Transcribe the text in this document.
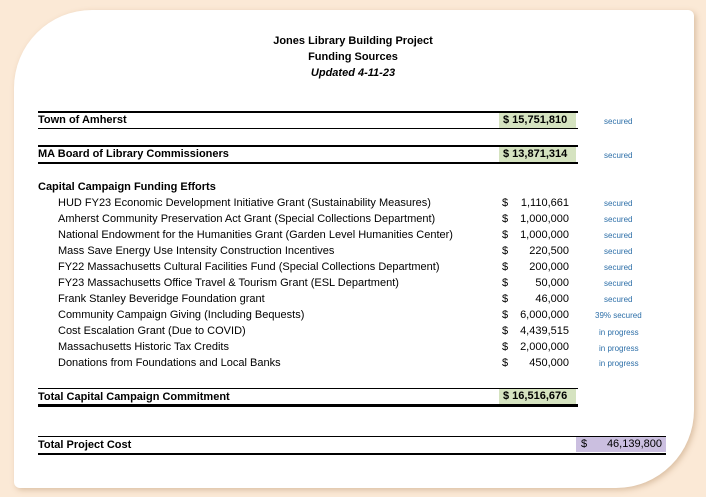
Jones Library Building Project
Funding Sources
Updated 4-11-23
Town of Amherst	$ 15,751,810	secured
MA Board of Library Commissioners	$ 13,871,314	secured
Capital Campaign Funding Efforts
HUD FY23 Economic Development Initiative Grant (Sustainability Measures)	$ 1,110,661	secured
Amherst Community Preservation Act Grant (Special Collections Department)	$ 1,000,000	secured
National Endowment for the Humanities Grant (Garden Level Humanities Center)	$ 1,000,000	secured
Mass Save Energy Use Intensity Construction Incentives	$ 220,500	secured
FY22 Massachusetts Cultural Facilities Fund (Special Collections Department)	$ 200,000	secured
FY23 Massachusetts Office Travel & Tourism Grant (ESL Department)	$ 50,000	secured
Frank Stanley Beveridge Foundation grant	$ 46,000	secured
Community Campaign Giving (Including Bequests)	$ 6,000,000	39% secured
Cost Escalation Grant (Due to COVID)	$ 4,439,515	in progress
Massachusetts Historic Tax Credits	$ 2,000,000	in progress
Donations from Foundations and Local Banks	$ 450,000	in progress
Total Capital Campaign Commitment	$ 16,516,676
Total Project Cost	$ 46,139,800
